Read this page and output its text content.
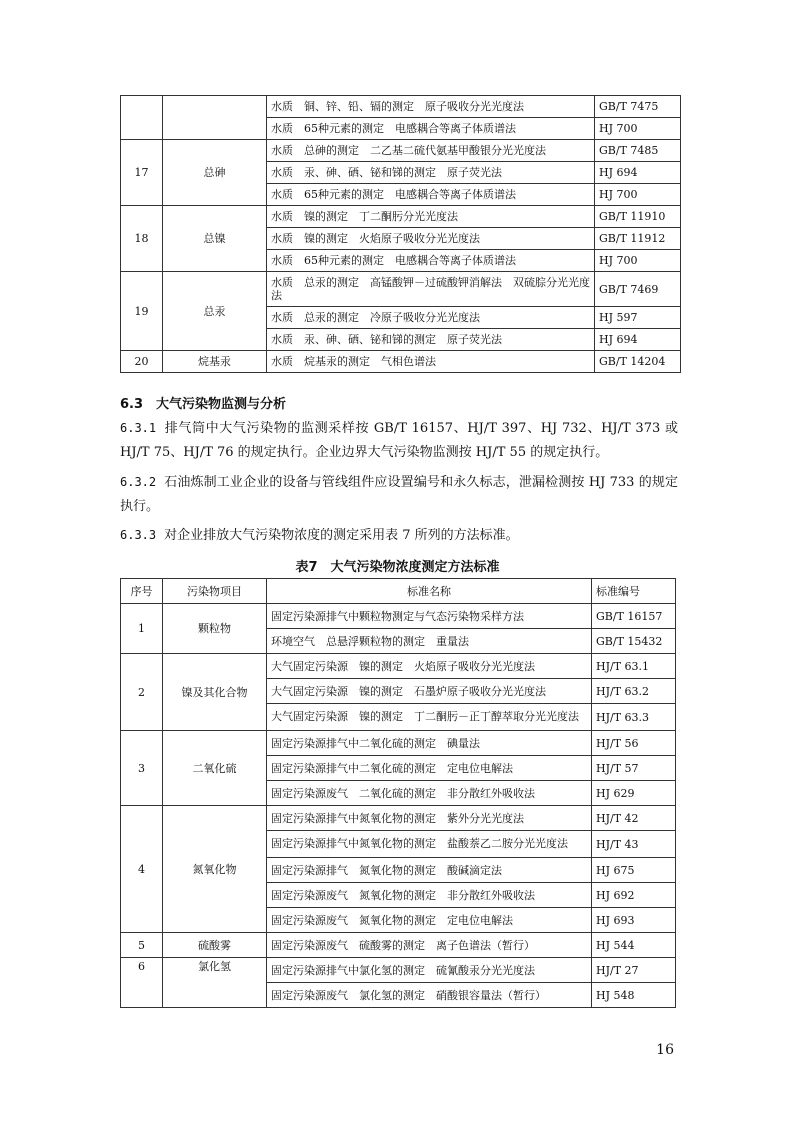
		水质　铜、锌、铅、镉的测定　原子吸收分光光度法	GB/T 7475
		水质　65种元素的测定　电感耦合等离子体质谱法	HJ 700
17	总砷	水质　总砷的测定　二乙基二硫代氨基甲酸银分光光度法	GB/T 7485
		水质　汞、砷、硒、铋和锑的测定　原子荧光法	HJ 694
		水质　65种元素的测定　电感耦合等离子体质谱法	HJ 700
18	总镍	水质　镍的测定　丁二酮肟分光光度法	GB/T 11910
		水质　镍的测定　火焰原子吸收分光光度法	GB/T 11912
		水质　65种元素的测定　电感耦合等离子体质谱法	HJ 700
19	总汞	水质　总汞的测定　高锰酸钾－过硫酸钾消解法　双硫腙分光光度法	GB/T 7469
		水质　总汞的测定　冷原子吸收分光光度法	HJ 597
		水质　汞、砷、硒、铋和锑的测定　原子荧光法	HJ 694
20	烷基汞	水质　烷基汞的测定　气相色谱法	GB/T 14204
6.3　 大气污染物监测与分析
6.3.1 排气筒中大气污染物的监测采样按 GB/T 16157、HJ/T 397、HJ 732、HJ/T 373 或 HJ/T 75、HJ/T 76 的规定执行。企业边界大气污染物监测按 HJ/T 55 的规定执行。
6.3.2 石油炼制工业企业的设备与管线组件应设置编号和永久标志，泄漏检测按 HJ 733 的规定执行。
6.3.3 对企业排放大气污染物浓度的测定采用表 7 所列的方法标准。
表7　大气污染物浓度测定方法标准
序号	污染物项目	标准名称	标准编号
1	颗粒物	固定污染源排气中颗粒物测定与气态污染物采样方法	GB/T 16157
		环境空气　总悬浮颗粒物的测定　重量法	GB/T 15432
2	镍及其化合物	大气固定污染源　镍的测定　火焰原子吸收分光光度法	HJ/T 63.1
		大气固定污染源　镍的测定　石墨炉原子吸收分光光度法	HJ/T 63.2
		大气固定污染源　镍的测定　丁二酮肟－正丁醇萃取分光光度法	HJ/T 63.3
3	二氧化硫	固定污染源排气中二氧化硫的测定　碘量法	HJ/T 56
		固定污染源排气中二氧化硫的测定　定电位电解法	HJ/T 57
		固定污染源废气　二氧化硫的测定　非分散红外吸收法	HJ 629
4	氮氧化物	固定污染源排气中氮氧化物的测定　紫外分光光度法	HJ/T 42
		固定污染源排气中氮氧化物的测定　盐酸萘乙二胺分光光度法	HJ/T 43
		固定污染源排气　氮氧化物的测定　酸碱滴定法	HJ 675
		固定污染源废气　氮氧化物的测定　非分散红外吸收法	HJ 692
		固定污染源废气　氮氧化物的测定　定电位电解法	HJ 693
5	硫酸雾	固定污染源废气　硫酸雾的测定　离子色谱法（暂行）	HJ 544
6	氯化氢	固定污染源排气中氯化氢的测定　硫氰酸汞分光光度法	HJ/T 27
		固定污染源废气　氯化氢的测定　硝酸银容量法（暂行）	HJ 548
16
